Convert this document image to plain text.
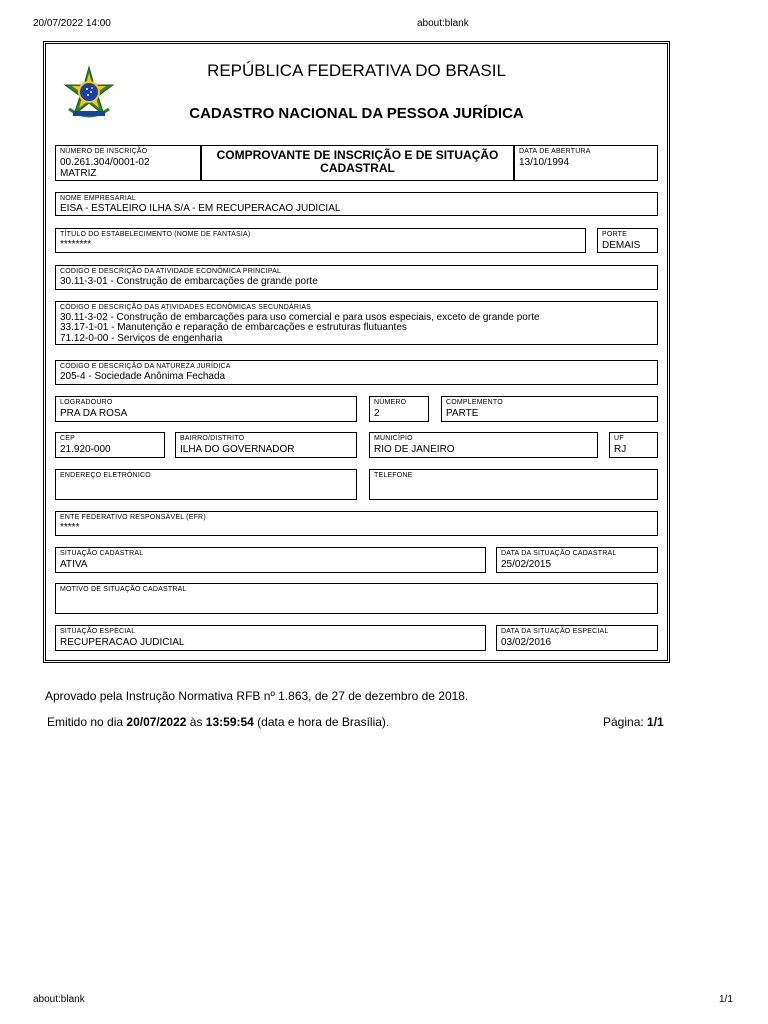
20/07/2022 14:00	about:blank
REPÚBLICA FEDERATIVA DO BRASIL
CADASTRO NACIONAL DA PESSOA JURÍDICA
NÚMERO DE INSCRIÇÃO
00.261.304/0001-02
MATRIZ
COMPROVANTE DE INSCRIÇÃO E DE SITUAÇÃO
CADASTRAL
DATA DE ABERTURA
13/10/1994
NOME EMPRESARIAL
EISA - ESTALEIRO ILHA S/A - EM RECUPERACAO JUDICIAL
TÍTULO DO ESTABELECIMENTO (NOME DE FANTASIA)
********
PORTE
DEMAIS
CÓDIGO E DESCRIÇÃO DA ATIVIDADE ECONÔMICA PRINCIPAL
30.11-3-01 - Construção de embarcações de grande porte
CÓDIGO E DESCRIÇÃO DAS ATIVIDADES ECONÔMICAS SECUNDÁRIAS
30.11-3-02 - Construção de embarcações para uso comercial e para usos especiais, exceto de grande porte
33.17-1-01 - Manutenção e reparação de embarcações e estruturas flutuantes
71.12-0-00 - Serviços de engenharia
CÓDIGO E DESCRIÇÃO DA NATUREZA JURÍDICA
205-4 - Sociedade Anônima Fechada
LOGRADOURO
PRA DA ROSA
NÚMERO
2
COMPLEMENTO
PARTE
CEP
21.920-000
BAIRRO/DISTRITO
ILHA DO GOVERNADOR
MUNICÍPIO
RIO DE JANEIRO
UF
RJ
ENDEREÇO ELETRÔNICO	TELEFONE
ENTE FEDERATIVO RESPONSÁVEL (EFR)
*****
SITUAÇÃO CADASTRAL
ATIVA
DATA DA SITUAÇÃO CADASTRAL
25/02/2015
MOTIVO DE SITUAÇÃO CADASTRAL
SITUAÇÃO ESPECIAL
RECUPERACAO JUDICIAL
DATA DA SITUAÇÃO ESPECIAL
03/02/2016
Aprovado pela Instrução Normativa RFB nº 1.863, de 27 de dezembro de 2018.
Emitido no dia 20/07/2022 às 13:59:54 (data e hora de Brasília).	Página: 1/1
about:blank	1/1
